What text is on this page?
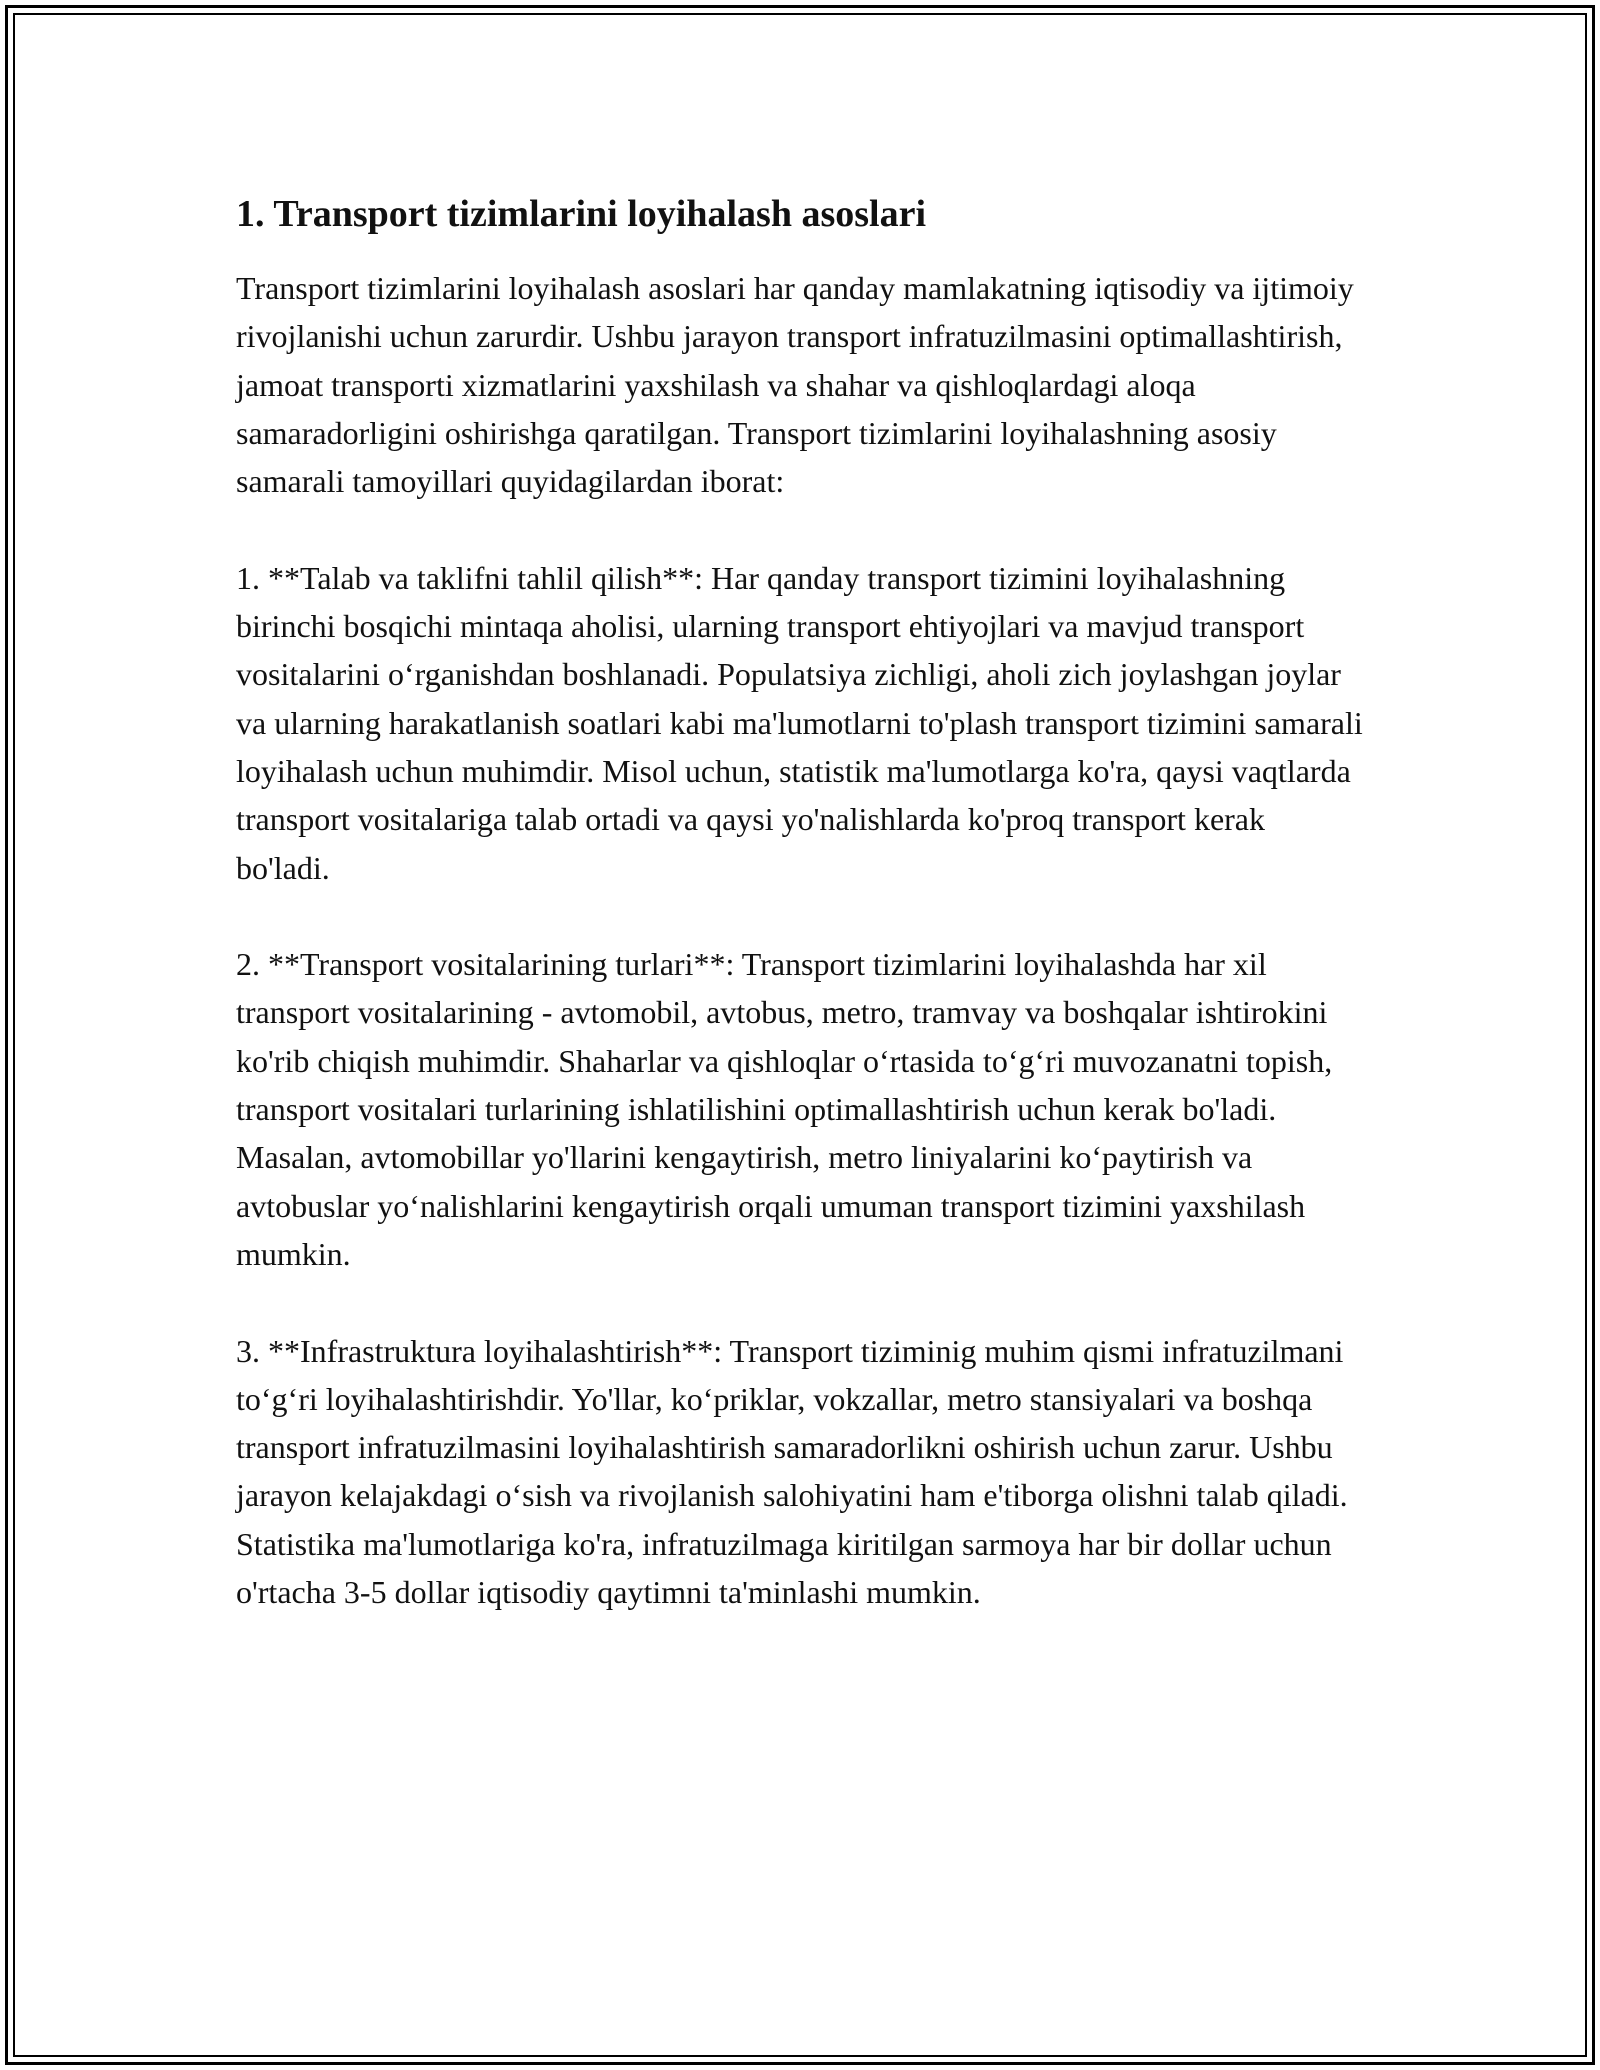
1. Transport tizimlarini loyihalash asoslari

Transport tizimlarini loyihalash asoslari har qanday mamlakatning iqtisodiy va ijtimoiy rivojlanishi uchun zarurdir. Ushbu jarayon transport infratuzilmasini optimallashtirish, jamoat transporti xizmatlarini yaxshilash va shahar va qishloqlardagi aloqa samaradorligini oshirishga qaratilgan. Transport tizimlarini loyihalashning asosiy samarali tamoyillari quyidagilardan iborat:

1. **Talab va taklifni tahlil qilish**: Har qanday transport tizimini loyihalashning birinchi bosqichi mintaqa aholisi, ularning transport ehtiyojlari va mavjud transport vositalarini oʻrganishdan boshlanadi. Populatsiya zichligi, aholi zich joylashgan joylar va ularning harakatlanish soatlari kabi ma'lumotlarni to'plash transport tizimini samarali loyihalash uchun muhimdir. Misol uchun, statistik ma'lumotlarga ko'ra, qaysi vaqtlarda transport vositalariga talab ortadi va qaysi yo'nalishlarda ko'proq transport kerak bo'ladi.

2. **Transport vositalarining turlari**: Transport tizimlarini loyihalashda har xil transport vositalarining - avtomobil, avtobus, metro, tramvay va boshqalar ishtirokini ko'rib chiqish muhimdir. Shaharlar va qishloqlar oʻrtasida toʻgʻri muvozanatni topish, transport vositalari turlarining ishlatilishini optimallashtirish uchun kerak bo'ladi. Masalan, avtomobillar yo'llarini kengaytirish, metro liniyalarini koʻpaytirish va avtobuslar yoʻnalishlarini kengaytirish orqali umuman transport tizimini yaxshilash mumkin.

3. **Infrastruktura loyihalashtirish**: Transport tiziminig muhim qismi infratuzilmani toʻgʻri loyihalashtirishdir. Yo'llar, koʻpriklar, vokzallar, metro stansiyalari va boshqa transport infratuzilmasini loyihalashtirish samaradorlikni oshirish uchun zarur. Ushbu jarayon kelajakdagi oʻsish va rivojlanish salohiyatini ham e'tiborga olishni talab qiladi. Statistika ma'lumotlariga ko'ra, infratuzilmaga kiritilgan sarmoya har bir dollar uchun o'rtacha 3-5 dollar iqtisodiy qaytimni ta'minlashi mumkin.
